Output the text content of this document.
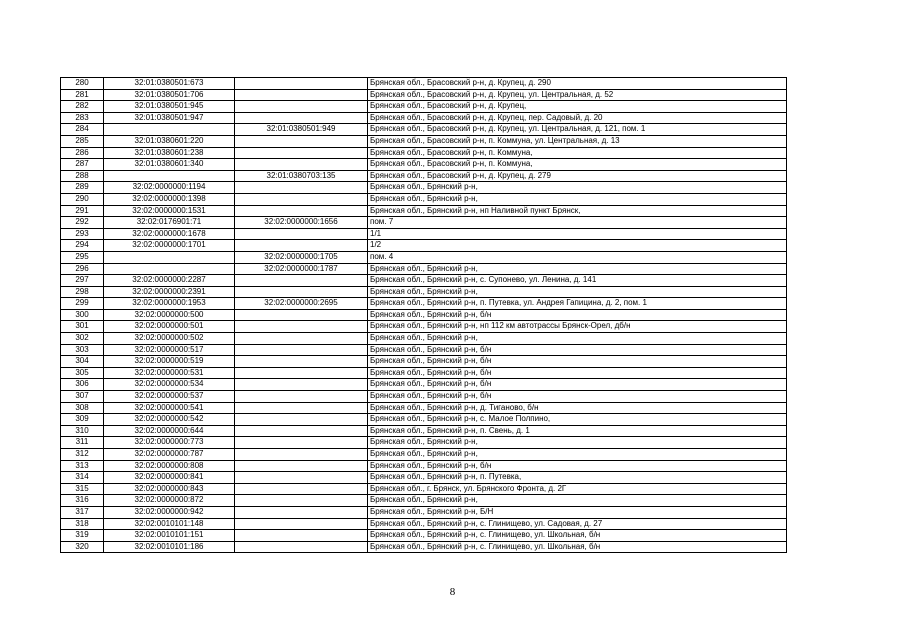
280	32:01:0380501:673		Брянская обл., Брасовский р-н, д. Крупец, д. 290
281	32:01:0380501:706		Брянская обл., Брасовский р-н, д. Крупец, ул. Центральная, д. 52
282	32:01:0380501:945		Брянская обл., Брасовский р-н, д. Крупец,
283	32:01:0380501:947		Брянская обл., Брасовский р-н, д. Крупец, пер. Садовый, д. 20
284		32:01:0380501:949	Брянская обл., Брасовский р-н, д. Крупец, ул. Центральная, д. 121, пом. 1
285	32:01:0380601:220		Брянская обл., Брасовский р-н, п. Коммуна, ул. Центральная, д. 13
286	32:01:0380601:238		Брянская обл., Брасовский р-н, п. Коммуна,
287	32:01:0380601:340		Брянская обл., Брасовский р-н, п. Коммуна,
288		32:01:0380703:135	Брянская обл., Брасовский р-н, д. Крупец, д. 279
289	32:02:0000000:1194		Брянская обл., Брянский р-н,
290	32:02:0000000:1398		Брянская обл., Брянский р-н,
291	32:02:0000000:1531		Брянская обл., Брянский р-н, нп Наливной пункт Брянск,
292	32:02:0176901:71	32:02:0000000:1656	пом. 7
293	32:02:0000000:1678		1/1
294	32:02:0000000:1701		1/2
295		32:02:0000000:1705	пом. 4
296		32:02:0000000:1787	Брянская обл., Брянский р-н,
297	32:02:0000000:2287		Брянская обл., Брянский р-н, с. Супонево, ул. Ленина, д. 141
298	32:02:0000000:2391		Брянская обл., Брянский р-н,
299	32:02:0000000:1953	32:02:0000000:2695	Брянская обл., Брянский р-н, п. Путевка, ул. Андрея Гапицина, д. 2, пом. 1
300	32:02:0000000:500		Брянская обл., Брянский р-н, б/н
301	32:02:0000000:501		Брянская обл., Брянский р-н, нп 112 км автотрассы Брянск-Орел, дб/н
302	32:02:0000000:502		Брянская обл., Брянский р-н,
303	32:02:0000000:517		Брянская обл., Брянский р-н, б/н
304	32:02:0000000:519		Брянская обл., Брянский р-н, б/н
305	32:02:0000000:531		Брянская обл., Брянский р-н, б/н
306	32:02:0000000:534		Брянская обл., Брянский р-н, б/н
307	32:02:0000000:537		Брянская обл., Брянский р-н, б/н
308	32:02:0000000:541		Брянская обл., Брянский р-н, д. Тиганово, б/н
309	32:02:0000000:542		Брянская обл., Брянский р-н, с. Малое Полпино,
310	32:02:0000000:644		Брянская обл., Брянский р-н, п. Свень, д. 1
311	32:02:0000000:773		Брянская обл., Брянский р-н,
312	32:02:0000000:787		Брянская обл., Брянский р-н,
313	32:02:0000000:808		Брянская обл., Брянский р-н, б/н
314	32:02:0000000:841		Брянская обл., Брянский р-н, п. Путевка,
315	32:02:0000000:843		Брянская обл., г. Брянск, ул. Брянского Фронта, д. 2Г
316	32:02:0000000:872		Брянская обл., Брянский р-н,
317	32:02:0000000:942		Брянская обл., Брянский р-н, Б/Н
318	32:02:0010101:148		Брянская обл., Брянский р-н, с. Глинищево, ул. Садовая, д. 27
319	32:02:0010101:151		Брянская обл., Брянский р-н, с. Глинищево, ул. Школьная, б/н
320	32:02:0010101:186		Брянская обл., Брянский р-н, с. Глинищево, ул. Школьная, б/н
8
